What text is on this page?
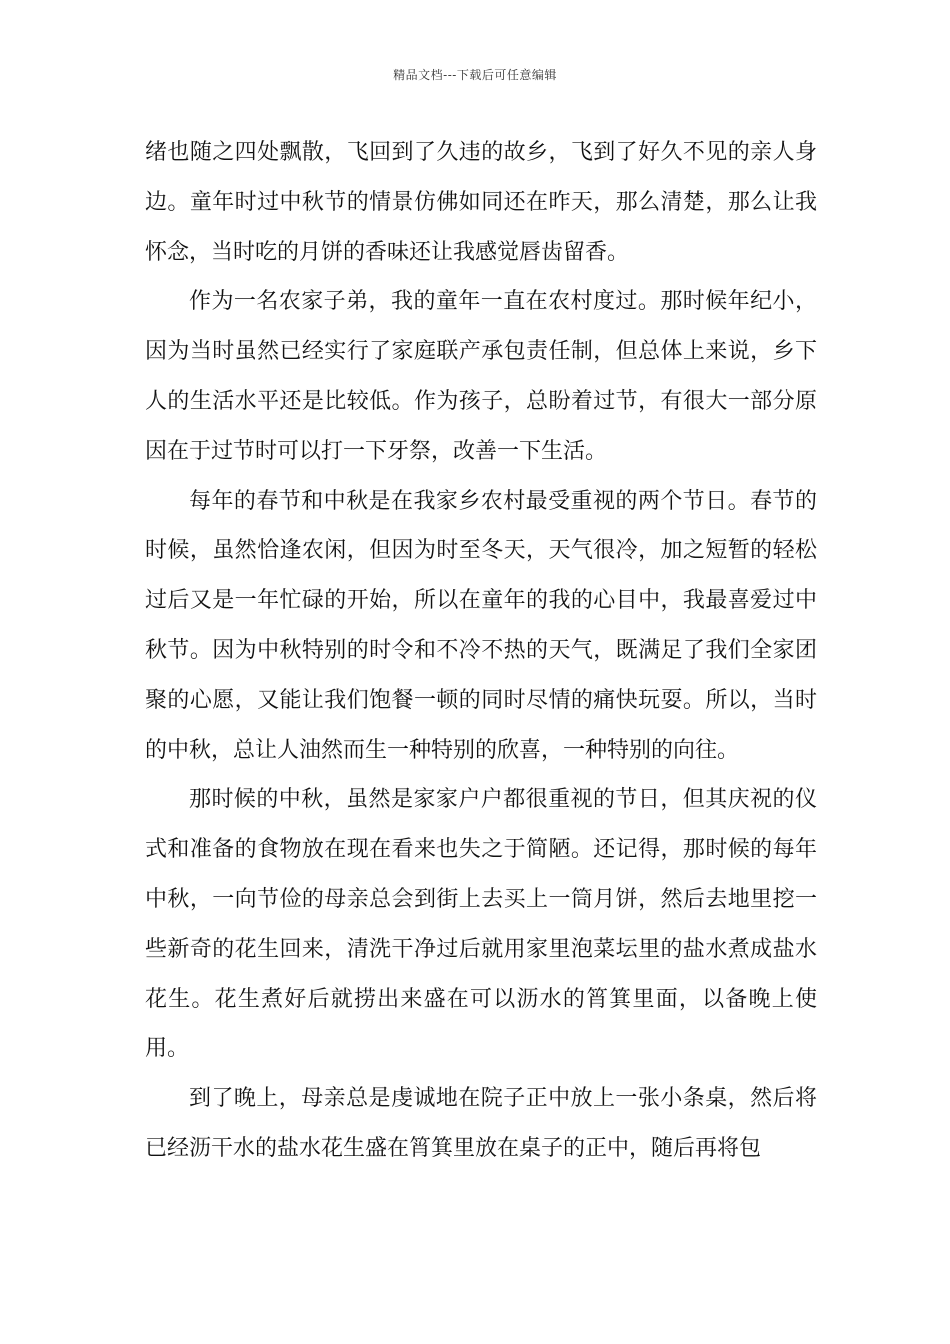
精品文档---下载后可任意编辑

绪也随之四处飘散，飞回到了久违的故乡，飞到了好久不见的亲人身边。童年时过中秋节的情景仿佛如同还在昨天，那么清楚，那么让我怀念，当时吃的月饼的香味还让我感觉唇齿留香。

作为一名农家子弟，我的童年一直在农村度过。那时候年纪小，因为当时虽然已经实行了家庭联产承包责任制，但总体上来说，乡下人的生活水平还是比较低。作为孩子，总盼着过节，有很大一部分原因在于过节时可以打一下牙祭，改善一下生活。

每年的春节和中秋是在我家乡农村最受重视的两个节日。春节的时候，虽然恰逢农闲，但因为时至冬天，天气很冷，加之短暂的轻松过后又是一年忙碌的开始，所以在童年的我的心目中，我最喜爱过中秋节。因为中秋特别的时令和不冷不热的天气，既满足了我们全家团聚的心愿，又能让我们饱餐一顿的同时尽情的痛快玩耍。所以，当时的中秋，总让人油然而生一种特别的欣喜，一种特别的向往。

那时候的中秋，虽然是家家户户都很重视的节日，但其庆祝的仪式和准备的食物放在现在看来也失之于简陋。还记得，那时候的每年中秋，一向节俭的母亲总会到街上去买上一筒月饼，然后去地里挖一些新奇的花生回来，清洗干净过后就用家里泡菜坛里的盐水煮成盐水花生。花生煮好后就捞出来盛在可以沥水的筲箕里面，以备晚上使用。

到了晚上，母亲总是虔诚地在院子正中放上一张小条桌，然后将已经沥干水的盐水花生盛在筲箕里放在桌子的正中，随后再将包
